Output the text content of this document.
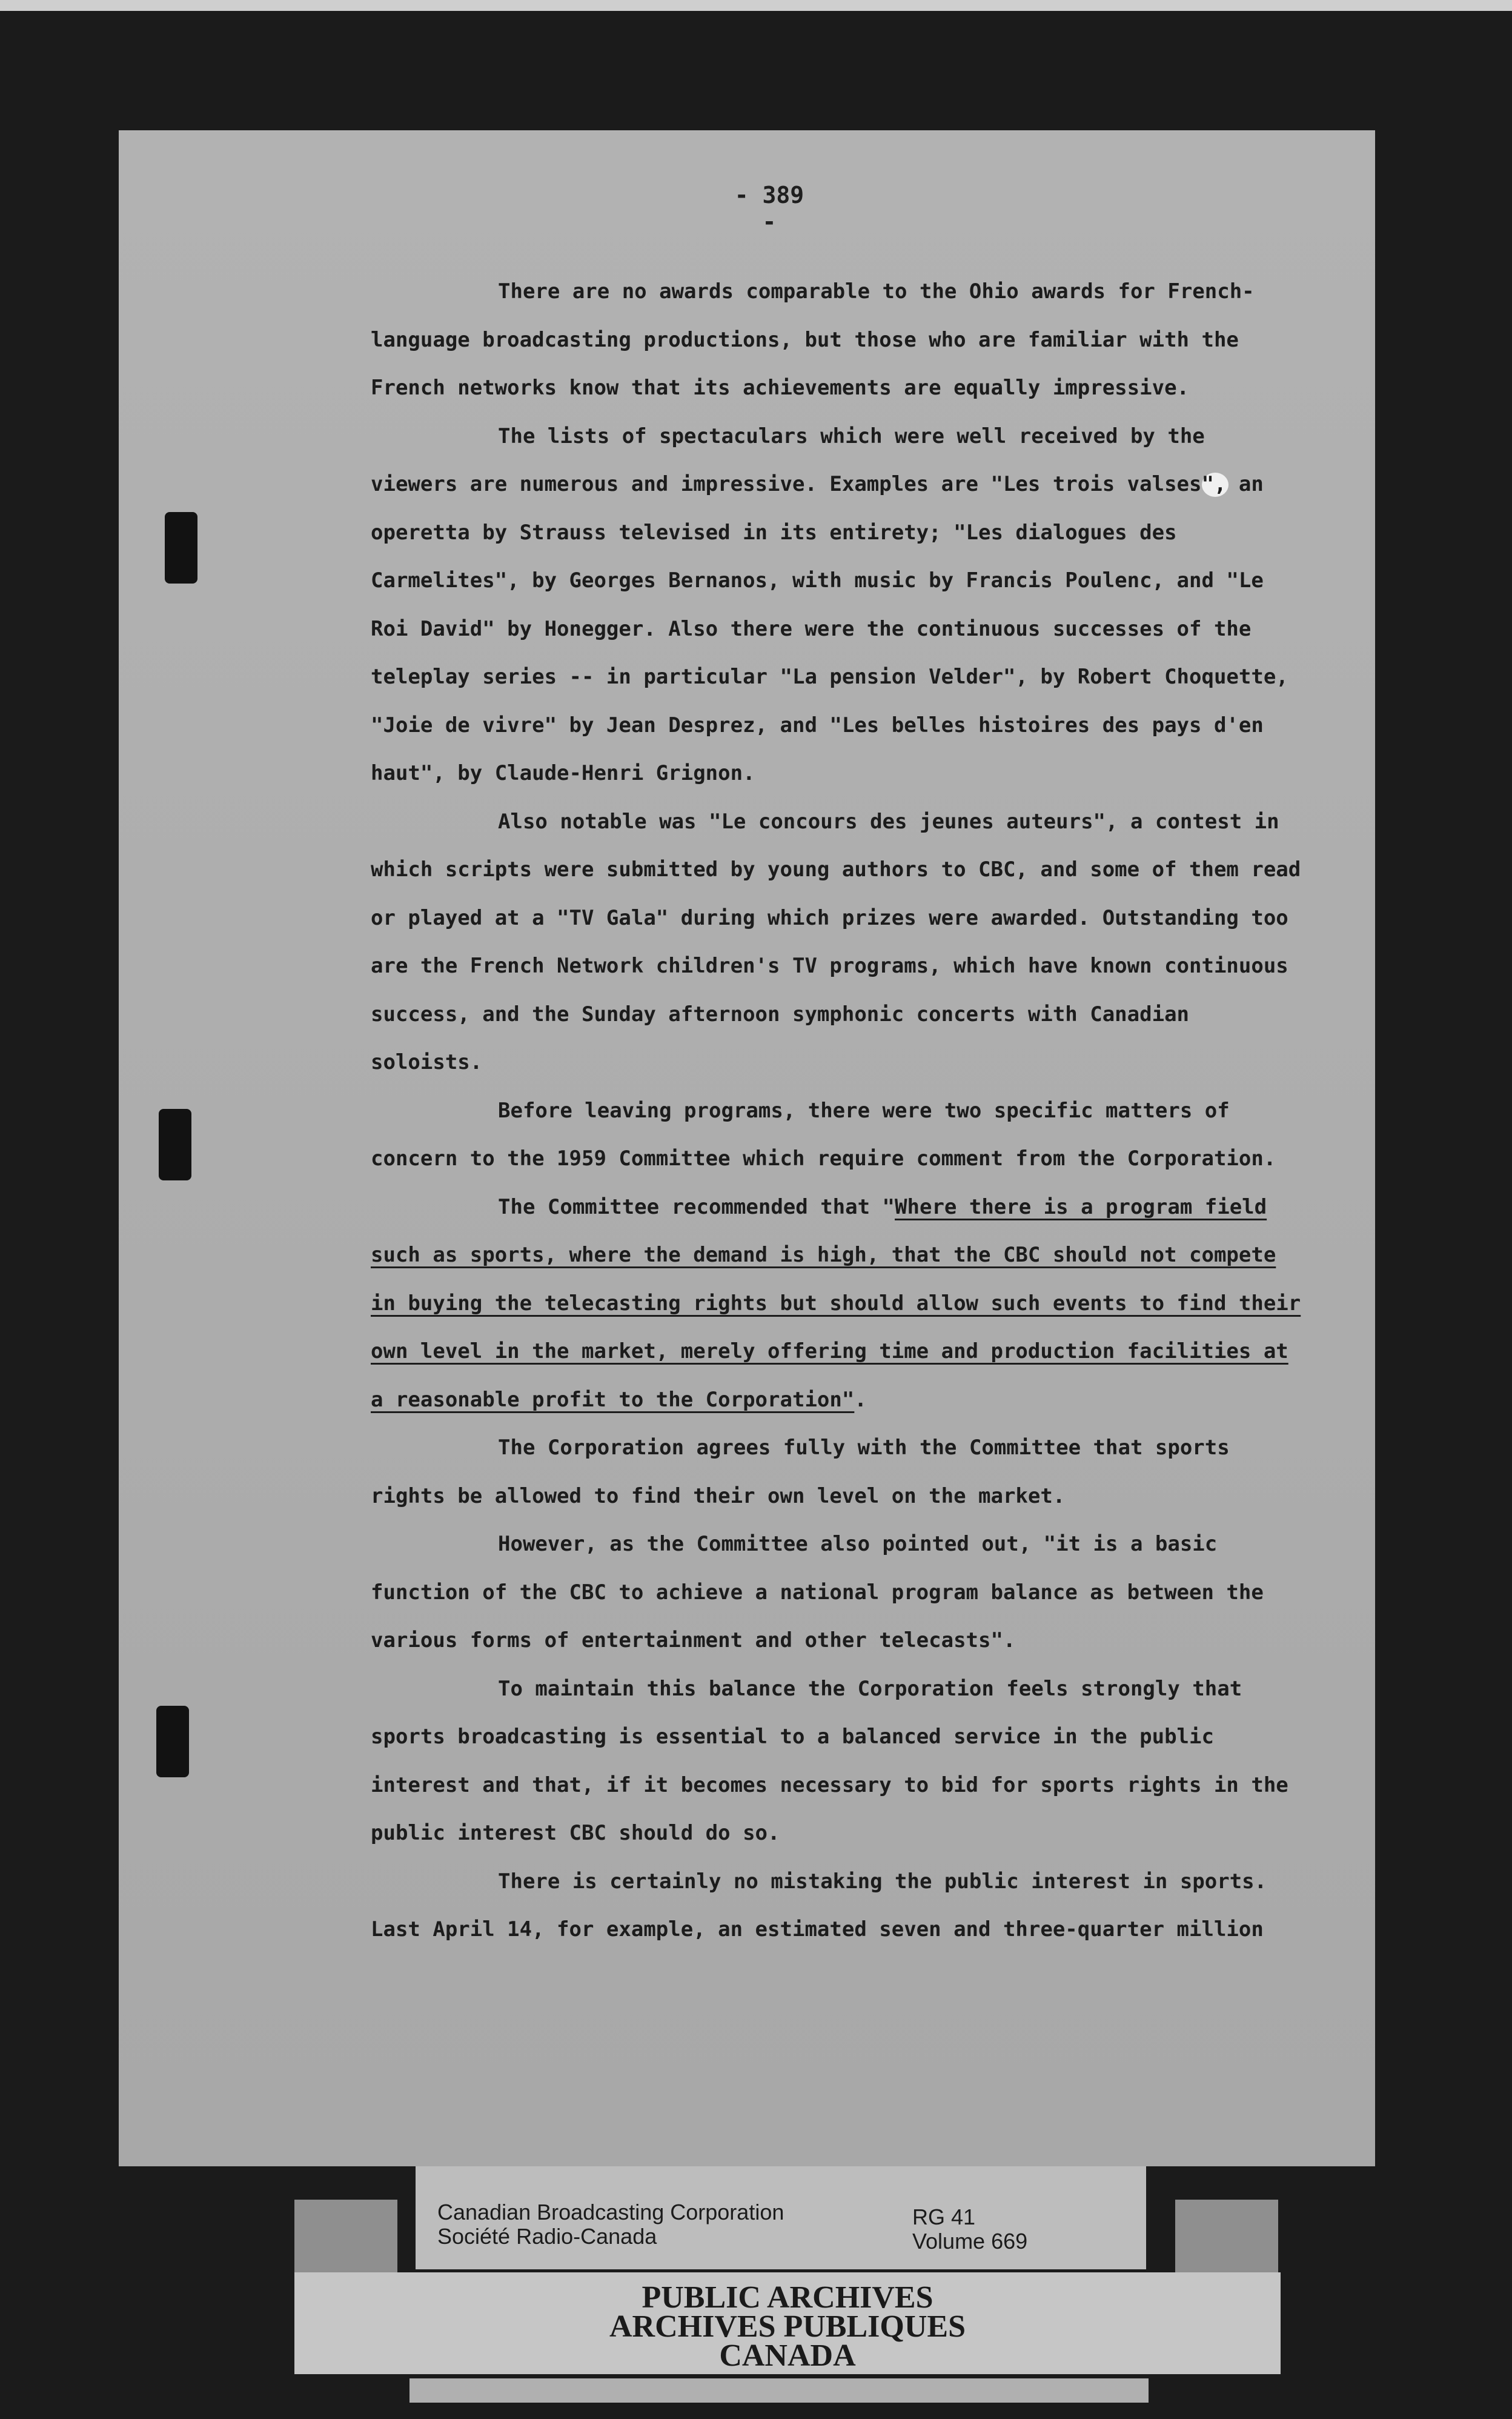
- 389 -

There are no awards comparable to the Ohio awards for French-language broadcasting productions, but those who are familiar with the French networks know that its achievements are equally impressive.

The lists of spectaculars which were well received by the viewers are numerous and impressive. Examples are "Les trois valses", an operetta by Strauss televised in its entirety; "Les dialogues des Carmelites", by Georges Bernanos, with music by Francis Poulenc, and "Le Roi David" by Honegger. Also there were the continuous successes of the teleplay series -- in particular "La pension Velder", by Robert Choquette, "Joie de vivre" by Jean Desprez, and "Les belles histoires des pays d'en haut", by Claude-Henri Grignon.

Also notable was "Le concours des jeunes auteurs", a contest in which scripts were submitted by young authors to CBC, and some of them read or played at a "TV Gala" during which prizes were awarded. Outstanding too are the French Network children's TV programs, which have known continuous success, and the Sunday afternoon symphonic concerts with Canadian soloists.

Before leaving programs, there were two specific matters of concern to the 1959 Committee which require comment from the Corporation.

The Committee recommended that "Where there is a program field such as sports, where the demand is high, that the CBC should not compete in buying the telecasting rights but should allow such events to find their own level in the market, merely offering time and production facilities at a reasonable profit to the Corporation".

The Corporation agrees fully with the Committee that sports rights be allowed to find their own level on the market.

However, as the Committee also pointed out, "it is a basic function of the CBC to achieve a national program balance as between the various forms of entertainment and other telecasts".

To maintain this balance the Corporation feels strongly that sports broadcasting is essential to a balanced service in the public interest and that, if it becomes necessary to bid for sports rights in the public interest CBC should do so.

There is certainly no mistaking the public interest in sports. Last April 14, for example, an estimated seven and three-quarter million

Canadian Broadcasting Corporation
Société Radio-Canada
RG 41
Volume 669
PUBLIC ARCHIVES
ARCHIVES PUBLIQUES
CANADA
